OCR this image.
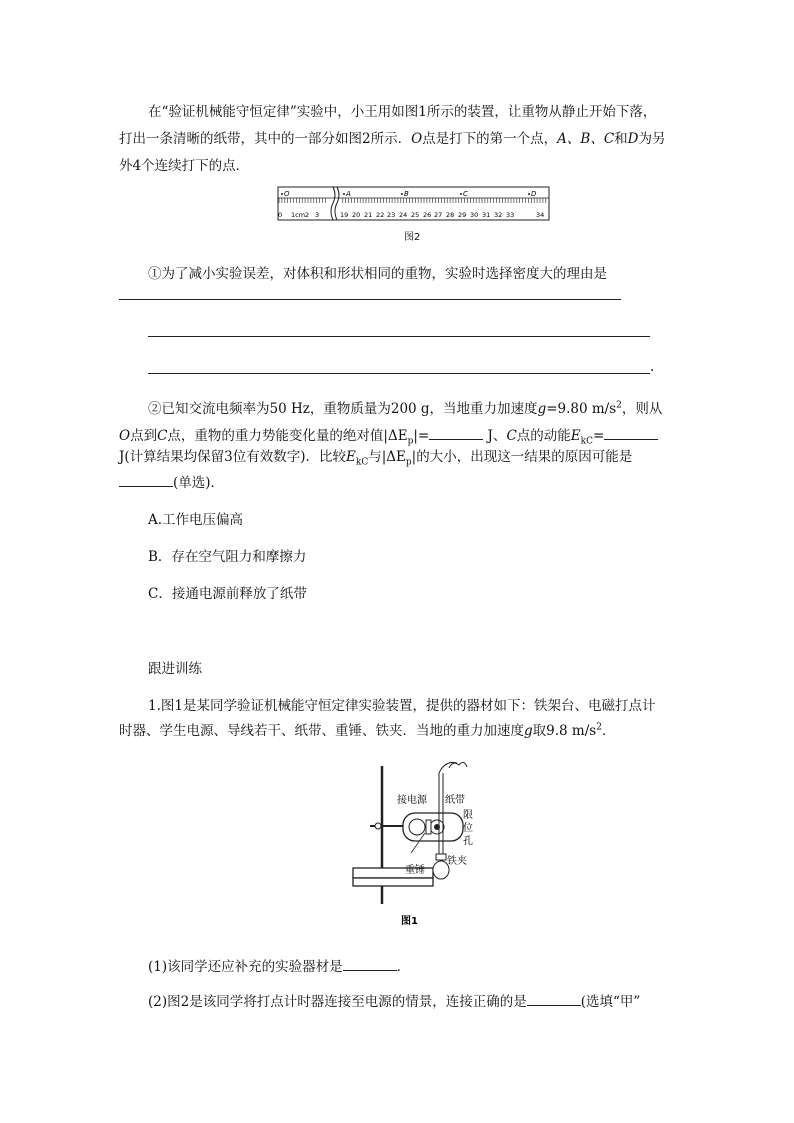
在“验证机械能守恒定律”实验中，小王用如图1所示的装置，让重物从静止开始下落，
打出一条清晰的纸带，其中的一部分如图2所示．O点是打下的第一个点，A、B、C和D为另
外4个连续打下的点．
O	A	B	C	D
0 1cm2 3	19 20 21 22 23 24 25 26 27 28 29 30 31 32 33	34
图2
①为了减小实验误差，对体积和形状相同的重物，实验时选择密度大的理由是
.
②已知交流电频率为50 Hz，重物质量为200 g，当地重力加速度g=9.80 $m/s^2$，则从
O点到C点，重物的重力势能变化量的绝对值$|\Delta E_p|=$	J、C点的动能$E_{kC}=$
J(计算结果均保留3位有效数字)．比较$E_{kC}$与$|\Delta E_p|$的大小，出现这一结果的原因可能是
(单选)．
A.工作电压偏高
B．存在空气阻力和摩擦力
C．接通电源前释放了纸带
跟进训练
1.图1是某同学验证机械能守恒定律实验装置，提供的器材如下：铁架台、电磁打点计
时器、学生电源、导线若干、纸带、重锤、铁夹．当地的重力加速度g取9.8 $m/s^2$．
接电源 纸带
限
位
孔
铁夹
重锤
图1
(1)该同学还应补充的实验器材是	．
(2)图2是该同学将打点计时器连接至电源的情景，连接正确的是	(选填“甲”
